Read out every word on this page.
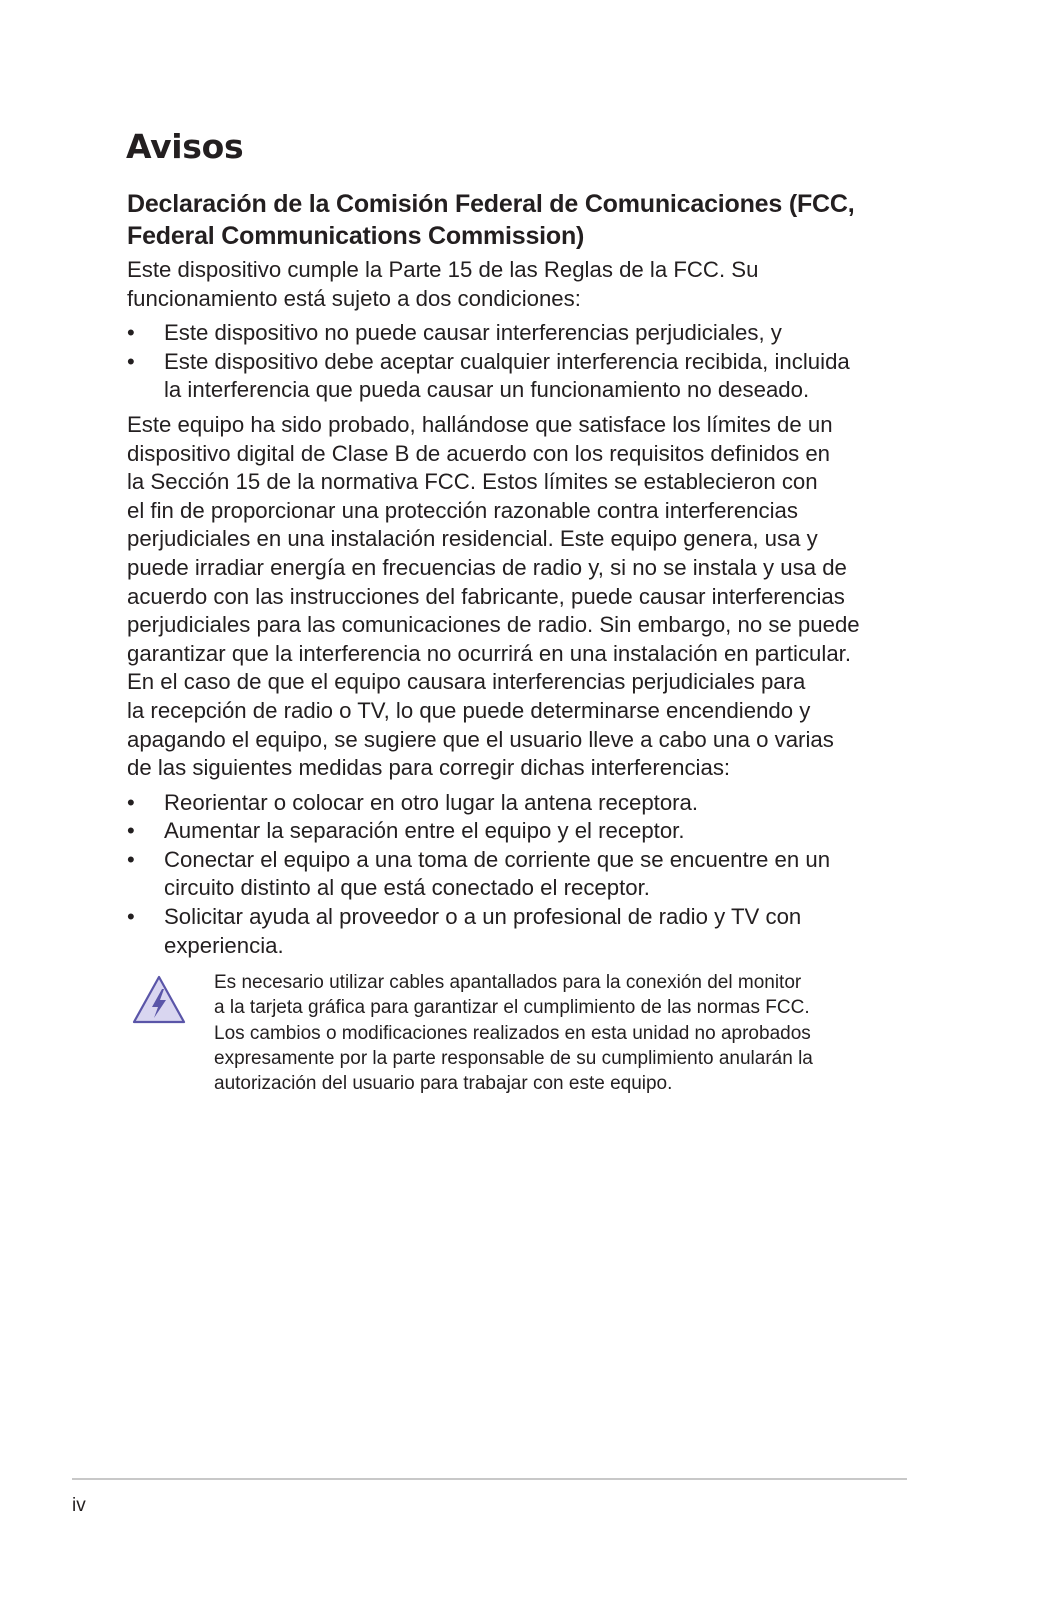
Avisos
Declaración de la Comisión Federal de Comunicaciones (FCC,
Federal Communications Commission)

Este dispositivo cumple la Parte 15 de las Reglas de la FCC. Su
funcionamiento está sujeto a dos condiciones:

• Este dispositivo no puede causar interferencias perjudiciales, y
• Este dispositivo debe aceptar cualquier interferencia recibida, incluida
la interferencia que pueda causar un funcionamiento no deseado.

Este equipo ha sido probado, hallándose que satisface los límites de un
dispositivo digital de Clase B de acuerdo con los requisitos definidos en
la Sección 15 de la normativa FCC. Estos límites se establecieron con
el fin de proporcionar una protección razonable contra interferencias
perjudiciales en una instalación residencial. Este equipo genera, usa y
puede irradiar energía en frecuencias de radio y, si no se instala y usa de
acuerdo con las instrucciones del fabricante, puede causar interferencias
perjudiciales para las comunicaciones de radio. Sin embargo, no se puede
garantizar que la interferencia no ocurrirá en una instalación en particular.
En el caso de que el equipo causara interferencias perjudiciales para
la recepción de radio o TV, lo que puede determinarse encendiendo y
apagando el equipo, se sugiere que el usuario lleve a cabo una o varias
de las siguientes medidas para corregir dichas interferencias:

• Reorientar o colocar en otro lugar la antena receptora.
• Aumentar la separación entre el equipo y el receptor.
• Conectar el equipo a una toma de corriente que se encuentre en un
circuito distinto al que está conectado el receptor.
• Solicitar ayuda al proveedor o a un profesional de radio y TV con
experiencia.

Es necesario utilizar cables apantallados para la conexión del monitor
a la tarjeta gráfica para garantizar el cumplimiento de las normas FCC.
Los cambios o modificaciones realizados en esta unidad no aprobados
expresamente por la parte responsable de su cumplimiento anularán la
autorización del usuario para trabajar con este equipo.

iv
